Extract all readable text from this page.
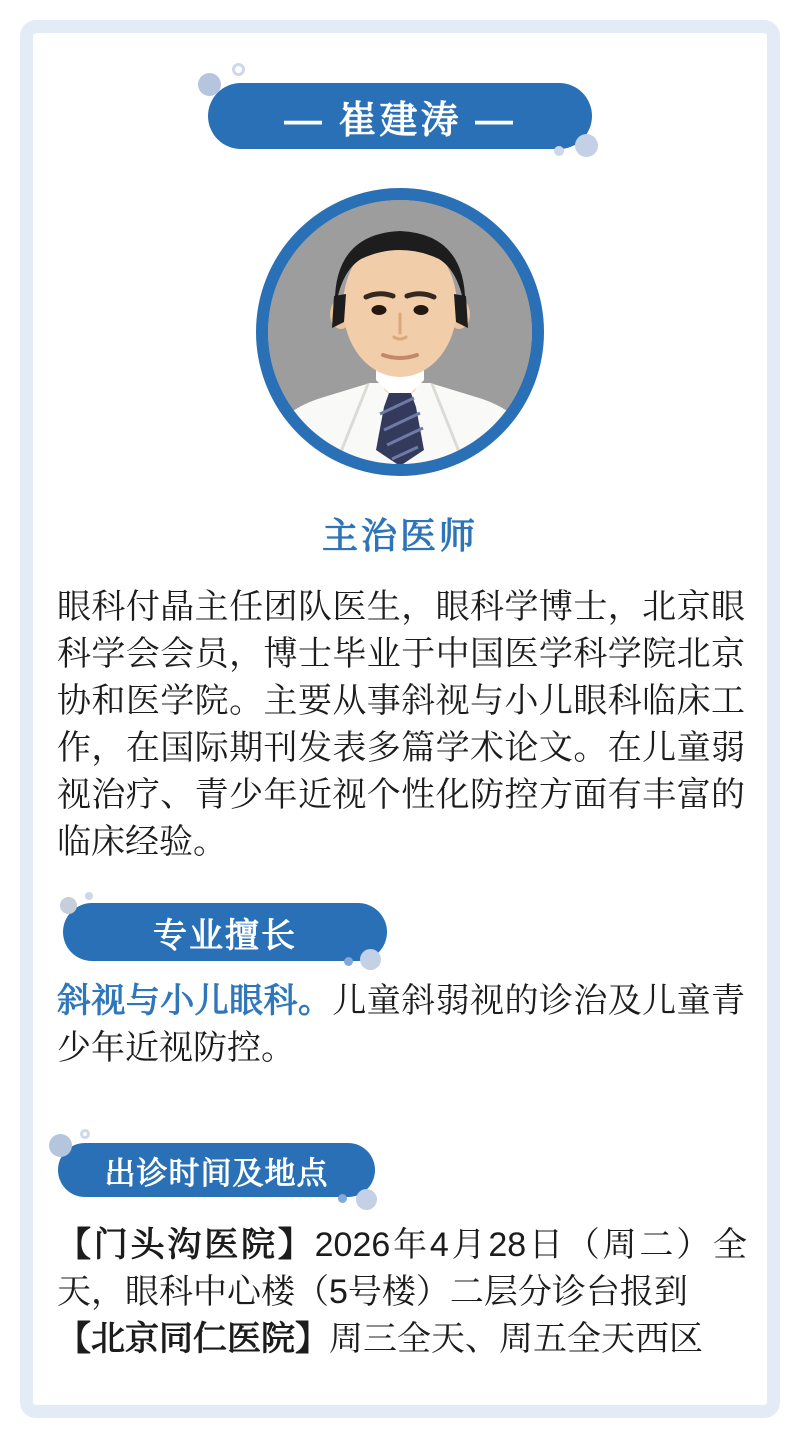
— 崔建涛 —
主治医师

眼科付晶主任团队医生，眼科学博士，北京眼科学会会员，博士毕业于中国医学科学院北京协和医学院。主要从事斜视与小儿眼科临床工作，在国际期刊发表多篇学术论文。在儿童弱视治疗、青少年近视个性化防控方面有丰富的临床经验。

专业擅长

斜视与小儿眼科。儿童斜弱视的诊治及儿童青少年近视防控。

出诊时间及地点

【门头沟医院】2026年4月28日（周二）全天，眼科中心楼（5号楼）二层分诊台报到

【北京同仁医院】周三全天、周五全天西区
